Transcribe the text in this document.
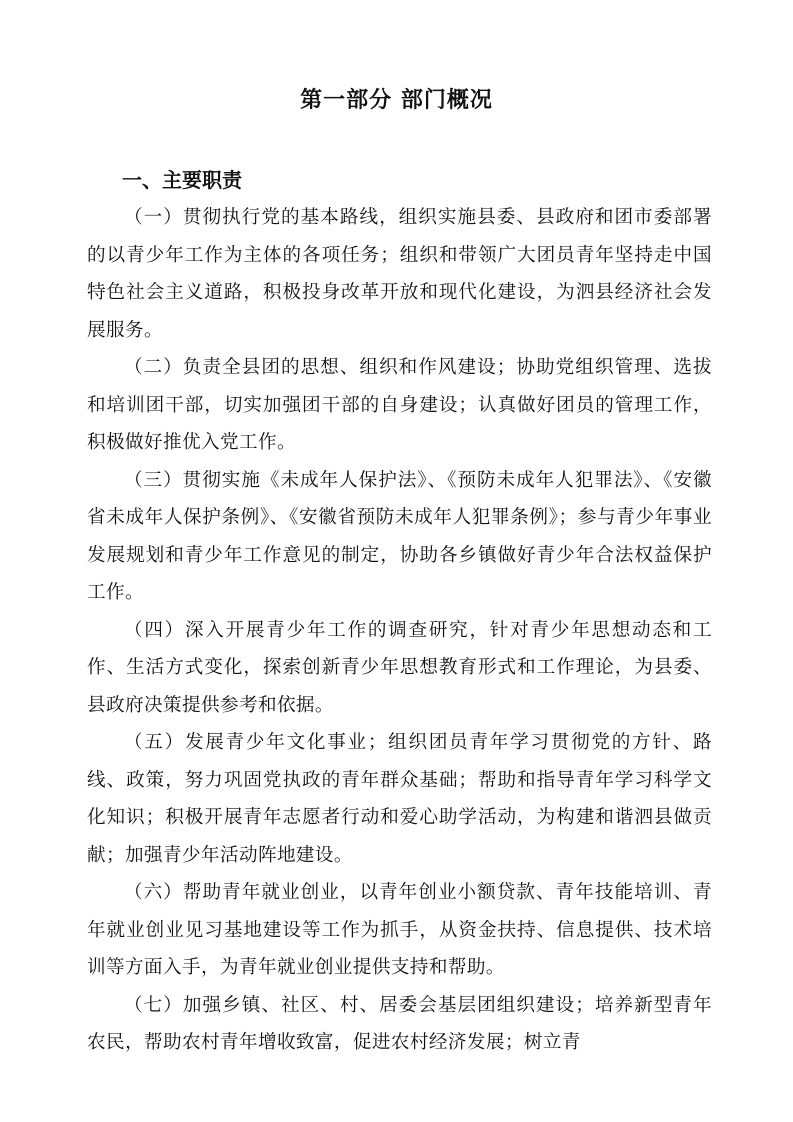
第一部分 部门概况
一、主要职责

（一）贯彻执行党的基本路线，组织实施县委、县政府和团市委部署的以青少年工作为主体的各项任务；组织和带领广大团员青年坚持走中国特色社会主义道路，积极投身改革开放和现代化建设，为泗县经济社会发展服务。

（二）负责全县团的思想、组织和作风建设；协助党组织管理、选拔和培训团干部，切实加强团干部的自身建设；认真做好团员的管理工作，积极做好推优入党工作。

（三）贯彻实施《未成年人保护法》、《预防未成年人犯罪法》、《安徽省未成年人保护条例》、《安徽省预防未成年人犯罪条例》；参与青少年事业发展规划和青少年工作意见的制定，协助各乡镇做好青少年合法权益保护工作。

（四）深入开展青少年工作的调查研究，针对青少年思想动态和工作、生活方式变化，探索创新青少年思想教育形式和工作理论，为县委、县政府决策提供参考和依据。

（五）发展青少年文化事业；组织团员青年学习贯彻党的方针、路线、政策，努力巩固党执政的青年群众基础；帮助和指导青年学习科学文化知识；积极开展青年志愿者行动和爱心助学活动，为构建和谐泗县做贡献；加强青少年活动阵地建设。

（六）帮助青年就业创业，以青年创业小额贷款、青年技能培训、青年就业创业见习基地建设等工作为抓手，从资金扶持、信息提供、技术培训等方面入手，为青年就业创业提供支持和帮助。

（七）加强乡镇、社区、村、居委会基层团组织建设；培养新型青年农民，帮助农村青年增收致富，促进农村经济发展；树立青
